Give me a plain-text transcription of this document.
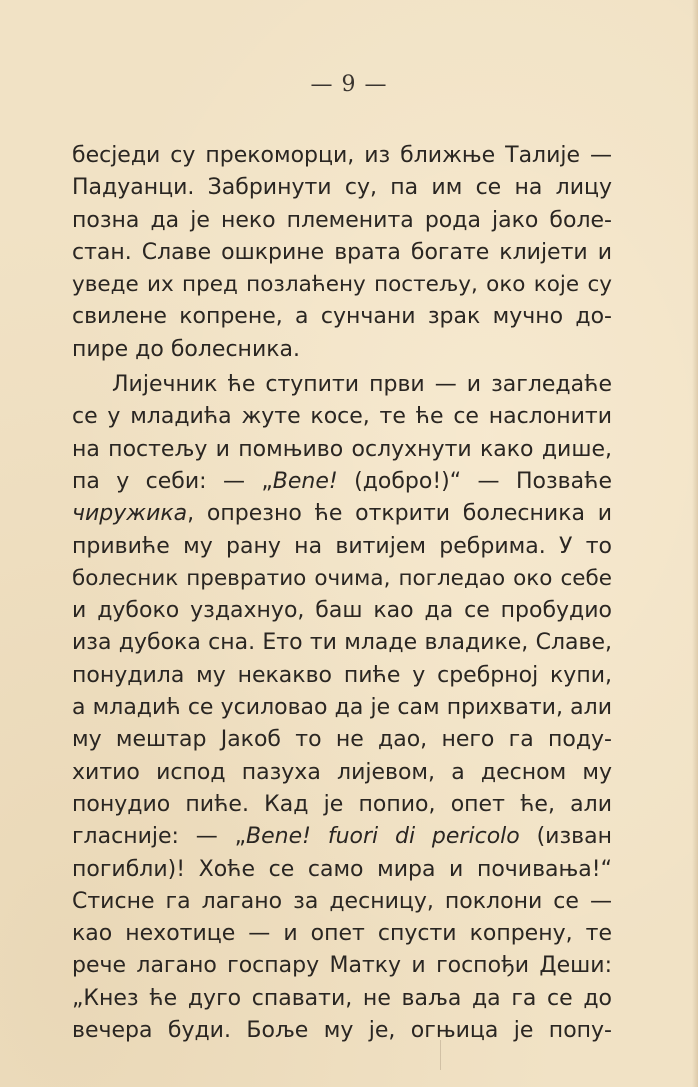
— 9 —
бесједи су прекоморци, из ближње Талије —
Падуанци. Забринути су, па им се на лицу
позна да је неко племенита рода јако боле-
стан. Славе ошкрине врата богате клијети и
уведе их пред позлаћену постељу, око које су
свилене копрене, а сунчани зрак мучно до-
пире до болесника.
Лијечник ће ступити први — и загледаће
се у младића жуте косе, те ће се наслонити
на постељу и помњиво ослухнути како дише,
па у себи: — „Bene! (добро!)“ — Позваће
чиружика, опрезно ће открити болесника и
привиће му рану на витијем ребрима. У то
болесник превратио очима, погледао око себе
и дубоко уздахнуо, баш као да се пробудио
иза дубока сна. Ето ти младе владике, Славе,
понудила му некакво пиће у сребрној купи,
а младић се усиловао да је сам прихвати, али
му мештар Јакоб то не дао, него га поду-
хитио испод пазуха лијевом, а десном му
понудио пиће. Кад је попио, опет ће, али
гласније: — „Bene! fuori di pericolo (изван
погибли)! Хоће се само мира и почивања!“
Стисне га лагано за десницу, поклони се —
као нехотице — и опет спусти копрену, те
рече лагано госпару Матку и госпођи Деши:
„Кнез ће дуго спавати, не ваља да га се до
вечера буди. Боље му је, огњица је попу-
